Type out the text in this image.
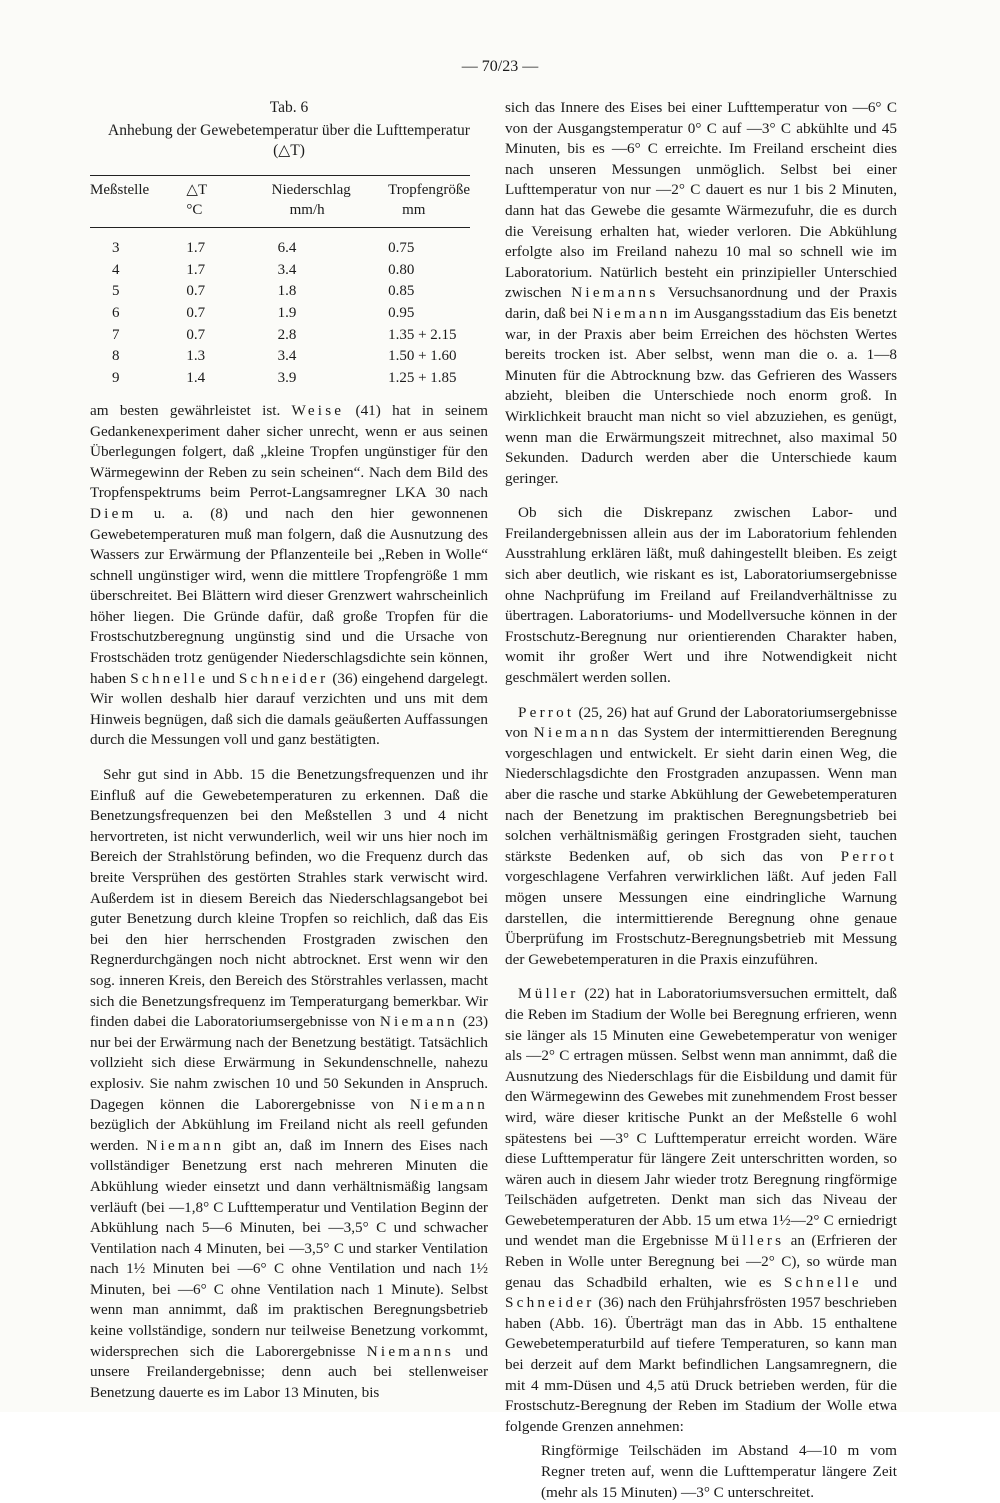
— 70/23 —
Tab. 6
Anhebung der Gewebetemperatur über die Lufttemperatur (△T)
Meßstelle	△T	Niederschlag	Tropfengröße
	°C	mm/h	mm
3	1.7	6.4	0.75
4	1.7	3.4	0.80
5	0.7	1.8	0.85
6	0.7	1.9	0.95
7	0.7	2.8	1.35 + 2.15
8	1.3	3.4	1.50 + 1.60
9	1.4	3.9	1.25 + 1.85

am besten gewährleistet ist. Weise (41) hat in seinem Gedankenexperiment daher sicher unrecht, wenn er aus seinen Überlegungen folgert, daß „kleine Tropfen ungünstiger für den Wärmegewinn der Reben zu sein scheinen“. Nach dem Bild des Tropfenspektrums beim Perrot-Langsamregner LKA 30 nach Diem u. a. (8) und nach den hier gewonnenen Gewebetemperaturen muß man folgern, daß die Ausnutzung des Wassers zur Erwärmung der Pflanzenteile bei „Reben in Wolle“ schnell ungünstiger wird, wenn die mittlere Tropfengröße 1 mm überschreitet. Bei Blättern wird dieser Grenzwert wahrscheinlich höher liegen. Die Gründe dafür, daß große Tropfen für die Frostschutzberegnung ungünstig sind und die Ursache von Frostschäden trotz genügender Niederschlagsdichte sein können, haben Schnelle und Schneider (36) eingehend dargelegt. Wir wollen deshalb hier darauf verzichten und uns mit dem Hinweis begnügen, daß sich die damals geäußerten Auffassungen durch die Messungen voll und ganz bestätigten.

Sehr gut sind in Abb. 15 die Benetzungsfrequenzen und ihr Einfluß auf die Gewebetemperaturen zu erkennen. Daß die Benetzungsfrequenzen bei den Meßstellen 3 und 4 nicht hervortreten, ist nicht verwunderlich, weil wir uns hier noch im Bereich der Strahlstörung befinden, wo die Frequenz durch das breite Versprühen des gestörten Strahles stark verwischt wird. Außerdem ist in diesem Bereich das Niederschlagsangebot bei guter Benetzung durch kleine Tropfen so reichlich, daß das Eis bei den hier herrschenden Frostgraden zwischen den Regnerdurchgängen noch nicht abtrocknet. Erst wenn wir den sog. inneren Kreis, den Bereich des Störstrahles verlassen, macht sich die Benetzungsfrequenz im Temperaturgang bemerkbar. Wir finden dabei die Laboratoriumsergebnisse von Niemann (23) nur bei der Erwärmung nach der Benetzung bestätigt. Tatsächlich vollzieht sich diese Erwärmung in Sekundenschnelle, nahezu explosiv. Sie nahm zwischen 10 und 50 Sekunden in Anspruch. Dagegen können die Laborergebnisse von Niemann bezüglich der Abkühlung im Freiland nicht als reell gefunden werden. Niemann gibt an, daß im Innern des Eises nach vollständiger Benetzung erst nach mehreren Minuten die Abkühlung wieder einsetzt und dann verhältnismäßig langsam verläuft (bei —1,8° C Lufttemperatur und Ventilation Beginn der Abkühlung nach 5—6 Minuten, bei —3,5° C und schwacher Ventilation nach 4 Minuten, bei —3,5° C und starker Ventilation nach 1½ Minuten bei —6° C ohne Ventilation und nach 1½ Minuten, bei —6° C ohne Ventilation nach 1 Minute). Selbst wenn man annimmt, daß im praktischen Beregnungsbetrieb keine vollständige, sondern nur teilweise Benetzung vorkommt, widersprechen sich die Laborergebnisse Niemanns und unsere Freilandergebnisse; denn auch bei stellenweiser Benetzung dauerte es im Labor 13 Minuten, bis

sich das Innere des Eises bei einer Lufttemperatur von —6° C von der Ausgangstemperatur 0° C auf —3° C abkühlte und 45 Minuten, bis es —6° C erreichte. Im Freiland erscheint dies nach unseren Messungen unmöglich. Selbst bei einer Lufttemperatur von nur —2° C dauert es nur 1 bis 2 Minuten, dann hat das Gewebe die gesamte Wärmezufuhr, die es durch die Vereisung erhalten hat, wieder verloren. Die Abkühlung erfolgte also im Freiland nahezu 10 mal so schnell wie im Laboratorium. Natürlich besteht ein prinzipieller Unterschied zwischen Niemanns Versuchsanordnung und der Praxis darin, daß bei Niemann im Ausgangsstadium das Eis benetzt war, in der Praxis aber beim Erreichen des höchsten Wertes bereits trocken ist. Aber selbst, wenn man die o. a. 1—8 Minuten für die Abtrocknung bzw. das Gefrieren des Wassers abzieht, bleiben die Unterschiede noch enorm groß. In Wirklichkeit braucht man nicht so viel abzuziehen, es genügt, wenn man die Erwärmungszeit mitrechnet, also maximal 50 Sekunden. Dadurch werden aber die Unterschiede kaum geringer.

Ob sich die Diskrepanz zwischen Labor- und Freilandergebnissen allein aus der im Laboratorium fehlenden Ausstrahlung erklären läßt, muß dahingestellt bleiben. Es zeigt sich aber deutlich, wie riskant es ist, Laboratoriumsergebnisse ohne Nachprüfung im Freiland auf Freilandverhältnisse zu übertragen. Laboratoriums- und Modellversuche können in der Frostschutz-Beregnung nur orientierenden Charakter haben, womit ihr großer Wert und ihre Notwendigkeit nicht geschmälert werden sollen.

Perrot (25, 26) hat auf Grund der Laboratoriumsergebnisse von Niemann das System der intermittierenden Beregnung vorgeschlagen und entwickelt. Er sieht darin einen Weg, die Niederschlagsdichte den Frostgraden anzupassen. Wenn man aber die rasche und starke Abkühlung der Gewebetemperaturen nach der Benetzung im praktischen Beregnungsbetrieb bei solchen verhältnismäßig geringen Frostgraden sieht, tauchen stärkste Bedenken auf, ob sich das von Perrot vorgeschlagene Verfahren verwirklichen läßt. Auf jeden Fall mögen unsere Messungen eine eindringliche Warnung darstellen, die intermittierende Beregnung ohne genaue Überprüfung im Frostschutz-Beregnungsbetrieb mit Messung der Gewebetemperaturen in die Praxis einzuführen.

Müller (22) hat in Laboratoriumsversuchen ermittelt, daß die Reben im Stadium der Wolle bei Beregnung erfrieren, wenn sie länger als 15 Minuten eine Gewebetemperatur von weniger als —2° C ertragen müssen. Selbst wenn man annimmt, daß die Ausnutzung des Niederschlags für die Eisbildung und damit für den Wärmegewinn des Gewebes mit zunehmendem Frost besser wird, wäre dieser kritische Punkt an der Meßstelle 6 wohl spätestens bei —3° C Lufttemperatur erreicht worden. Wäre diese Lufttemperatur für längere Zeit unterschritten worden, so wären auch in diesem Jahr wieder trotz Beregnung ringförmige Teilschäden aufgetreten. Denkt man sich das Niveau der Gewebetemperaturen der Abb. 15 um etwa 1½—2° C erniedrigt und wendet man die Ergebnisse Müllers an (Erfrieren der Reben in Wolle unter Beregnung bei —2° C), so würde man genau das Schadbild erhalten, wie es Schnelle und Schneider (36) nach den Frühjahrsfrösten 1957 beschrieben haben (Abb. 16). Überträgt man das in Abb. 15 enthaltene Gewebetemperaturbild auf tiefere Temperaturen, so kann man bei derzeit auf dem Markt befindlichen Langsamregnern, die mit 4 mm-Düsen und 4,5 atü Druck betrieben werden, für die Frostschutz-Beregnung der Reben im Stadium der Wolle etwa folgende Grenzen annehmen:

Ringförmige Teilschäden im Abstand 4—10 m vom Regner treten auf, wenn die Lufttemperatur längere Zeit (mehr als 15 Minuten) —3° C unterschreitet.
